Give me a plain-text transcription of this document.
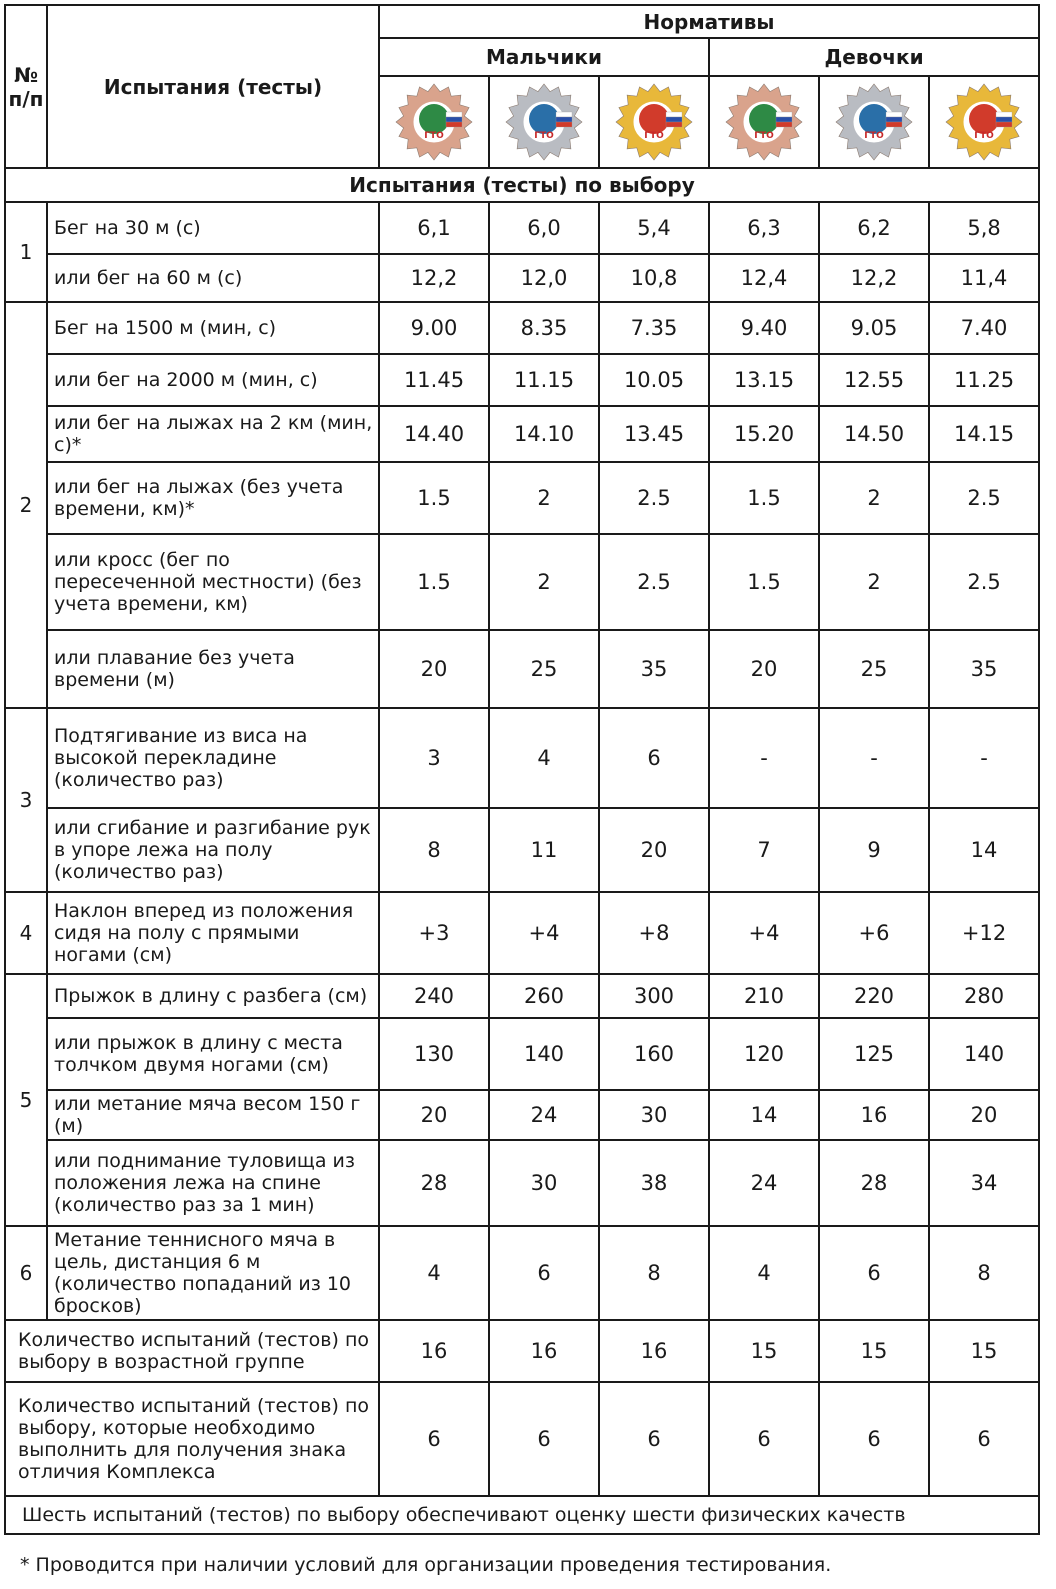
№ п/п	Испытания (тесты)	Нормативы					
		Мальчики			Девочки		

ГТО	ГТО	ГТО	ГТО	ГТО	ГТО

Испытания (тесты) по выбору							
1	Бег на 30 м (с)	6,1	6,0	5,4	6,3	6,2	5,8
	или бег на 60 м (с)	12,2	12,0	10,8	12,4	12,2	11,4
2	Бег на 1500 м (мин, с)	9.00	8.35	7.35	9.40	9.05	7.40
	или бег на 2000 м (мин, с)	11.45	11.15	10.05	13.15	12.55	11.25
	или бег на лыжах на 2 км (мин, с)*	14.40	14.10	13.45	15.20	14.50	14.15
	или бег на лыжах (без учета времени, км)*	1.5	2	2.5	1.5	2	2.5
	или кросс (бег по пересеченной местности) (без учета времени, км)	1.5	2	2.5	1.5	2	2.5
	или плавание без учета времени (м)	20	25	35	20	25	35
3	Подтягивание из виса на высокой перекладине (количество раз)	3	4	6	-	-	-
	или сгибание и разгибание рук в упоре лежа на полу (количество раз)	8	11	20	7	9	14
4	Наклон вперед из положения сидя на полу с прямыми ногами (см)	+3	+4	+8	+4	+6	+12
5	Прыжок в длину с разбега (см)	240	260	300	210	220	280
	или прыжок в длину с места толчком двумя ногами (см)	130	140	160	120	125	140
	или метание мяча весом 150 г (м)	20	24	30	14	16	20
	или поднимание туловища из положения лежа на спине (количество раз за 1 мин)	28	30	38	24	28	34
6	Метание теннисного мяча в цель, дистанция 6 м (количество попаданий из 10 бросков)	4	6	8	4	6	8
Количество испытаний (тестов) по выбору в возрастной группе		16	16	16	15	15	15
Количество испытаний (тестов) по выбору, которые необходимо выполнить для получения знака отличия Комплекса		6	6	6	6	6	6
Шесть испытаний (тестов) по выбору обеспечивают оценку шести физических качеств							
* Проводится при наличии условий для организации проведения тестирования.
